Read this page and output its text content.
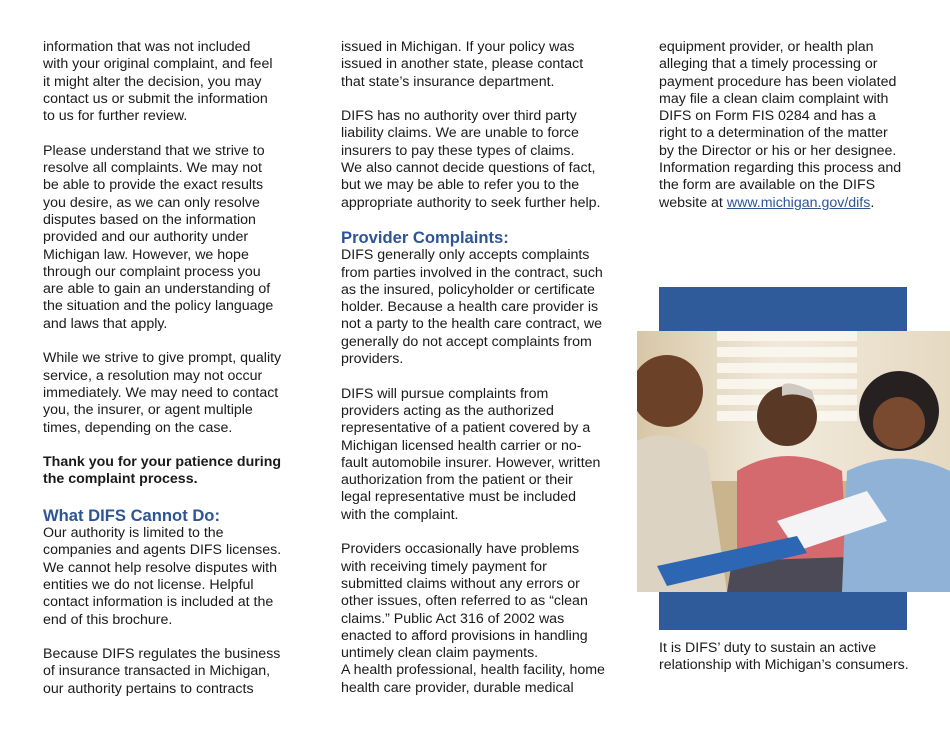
information that was not included
with your original complaint, and feel
it might alter the decision, you may
contact us or submit the information
to us for further review.

Please understand that we strive to
resolve all complaints. We may not
be able to provide the exact results
you desire, as we can only resolve
disputes based on the information
provided and our authority under
Michigan law. However, we hope
through our complaint process you
are able to gain an understanding of
the situation and the policy language
and laws that apply.

While we strive to give prompt, quality
service, a resolution may not occur
immediately. We may need to contact
you, the insurer, or agent multiple
times, depending on the case.

Thank you for your patience during
the complaint process.

What DIFS Cannot Do:

Our authority is limited to the
companies and agents DIFS licenses.
We cannot help resolve disputes with
entities we do not license. Helpful
contact information is included at the
end of this brochure.

Because DIFS regulates the business
of insurance transacted in Michigan,
our authority pertains to contracts

issued in Michigan. If your policy was
issued in another state, please contact
that state’s insurance department.

DIFS has no authority over third party
liability claims. We are unable to force
insurers to pay these types of claims.
We also cannot decide questions of fact,
but we may be able to refer you to the
appropriate authority to seek further help.

Provider Complaints:

DIFS generally only accepts complaints
from parties involved in the contract, such
as the insured, policyholder or certificate
holder. Because a health care provider is
not a party to the health care contract, we
generally do not accept complaints from
providers.

DIFS will pursue complaints from
providers acting as the authorized
representative of a patient covered by a
Michigan licensed health carrier or no-
fault automobile insurer. However, written
authorization from the patient or their
legal representative must be included
with the complaint.

Providers occasionally have problems
with receiving timely payment for
submitted claims without any errors or
other issues, often referred to as “clean
claims.” Public Act 316 of 2002 was
enacted to afford provisions in handling
untimely clean claim payments.
A health professional, health facility, home
health care provider, durable medical

equipment provider, or health plan
alleging that a timely processing or
payment procedure has been violated
may file a clean claim complaint with
DIFS on Form FIS 0284 and has a
right to a determination of the matter
by the Director or his or her designee.
Information regarding this process and
the form are available on the DIFS
website at www.michigan.gov/difs.

It is DIFS’ duty to sustain an active
relationship with Michigan’s consumers.
